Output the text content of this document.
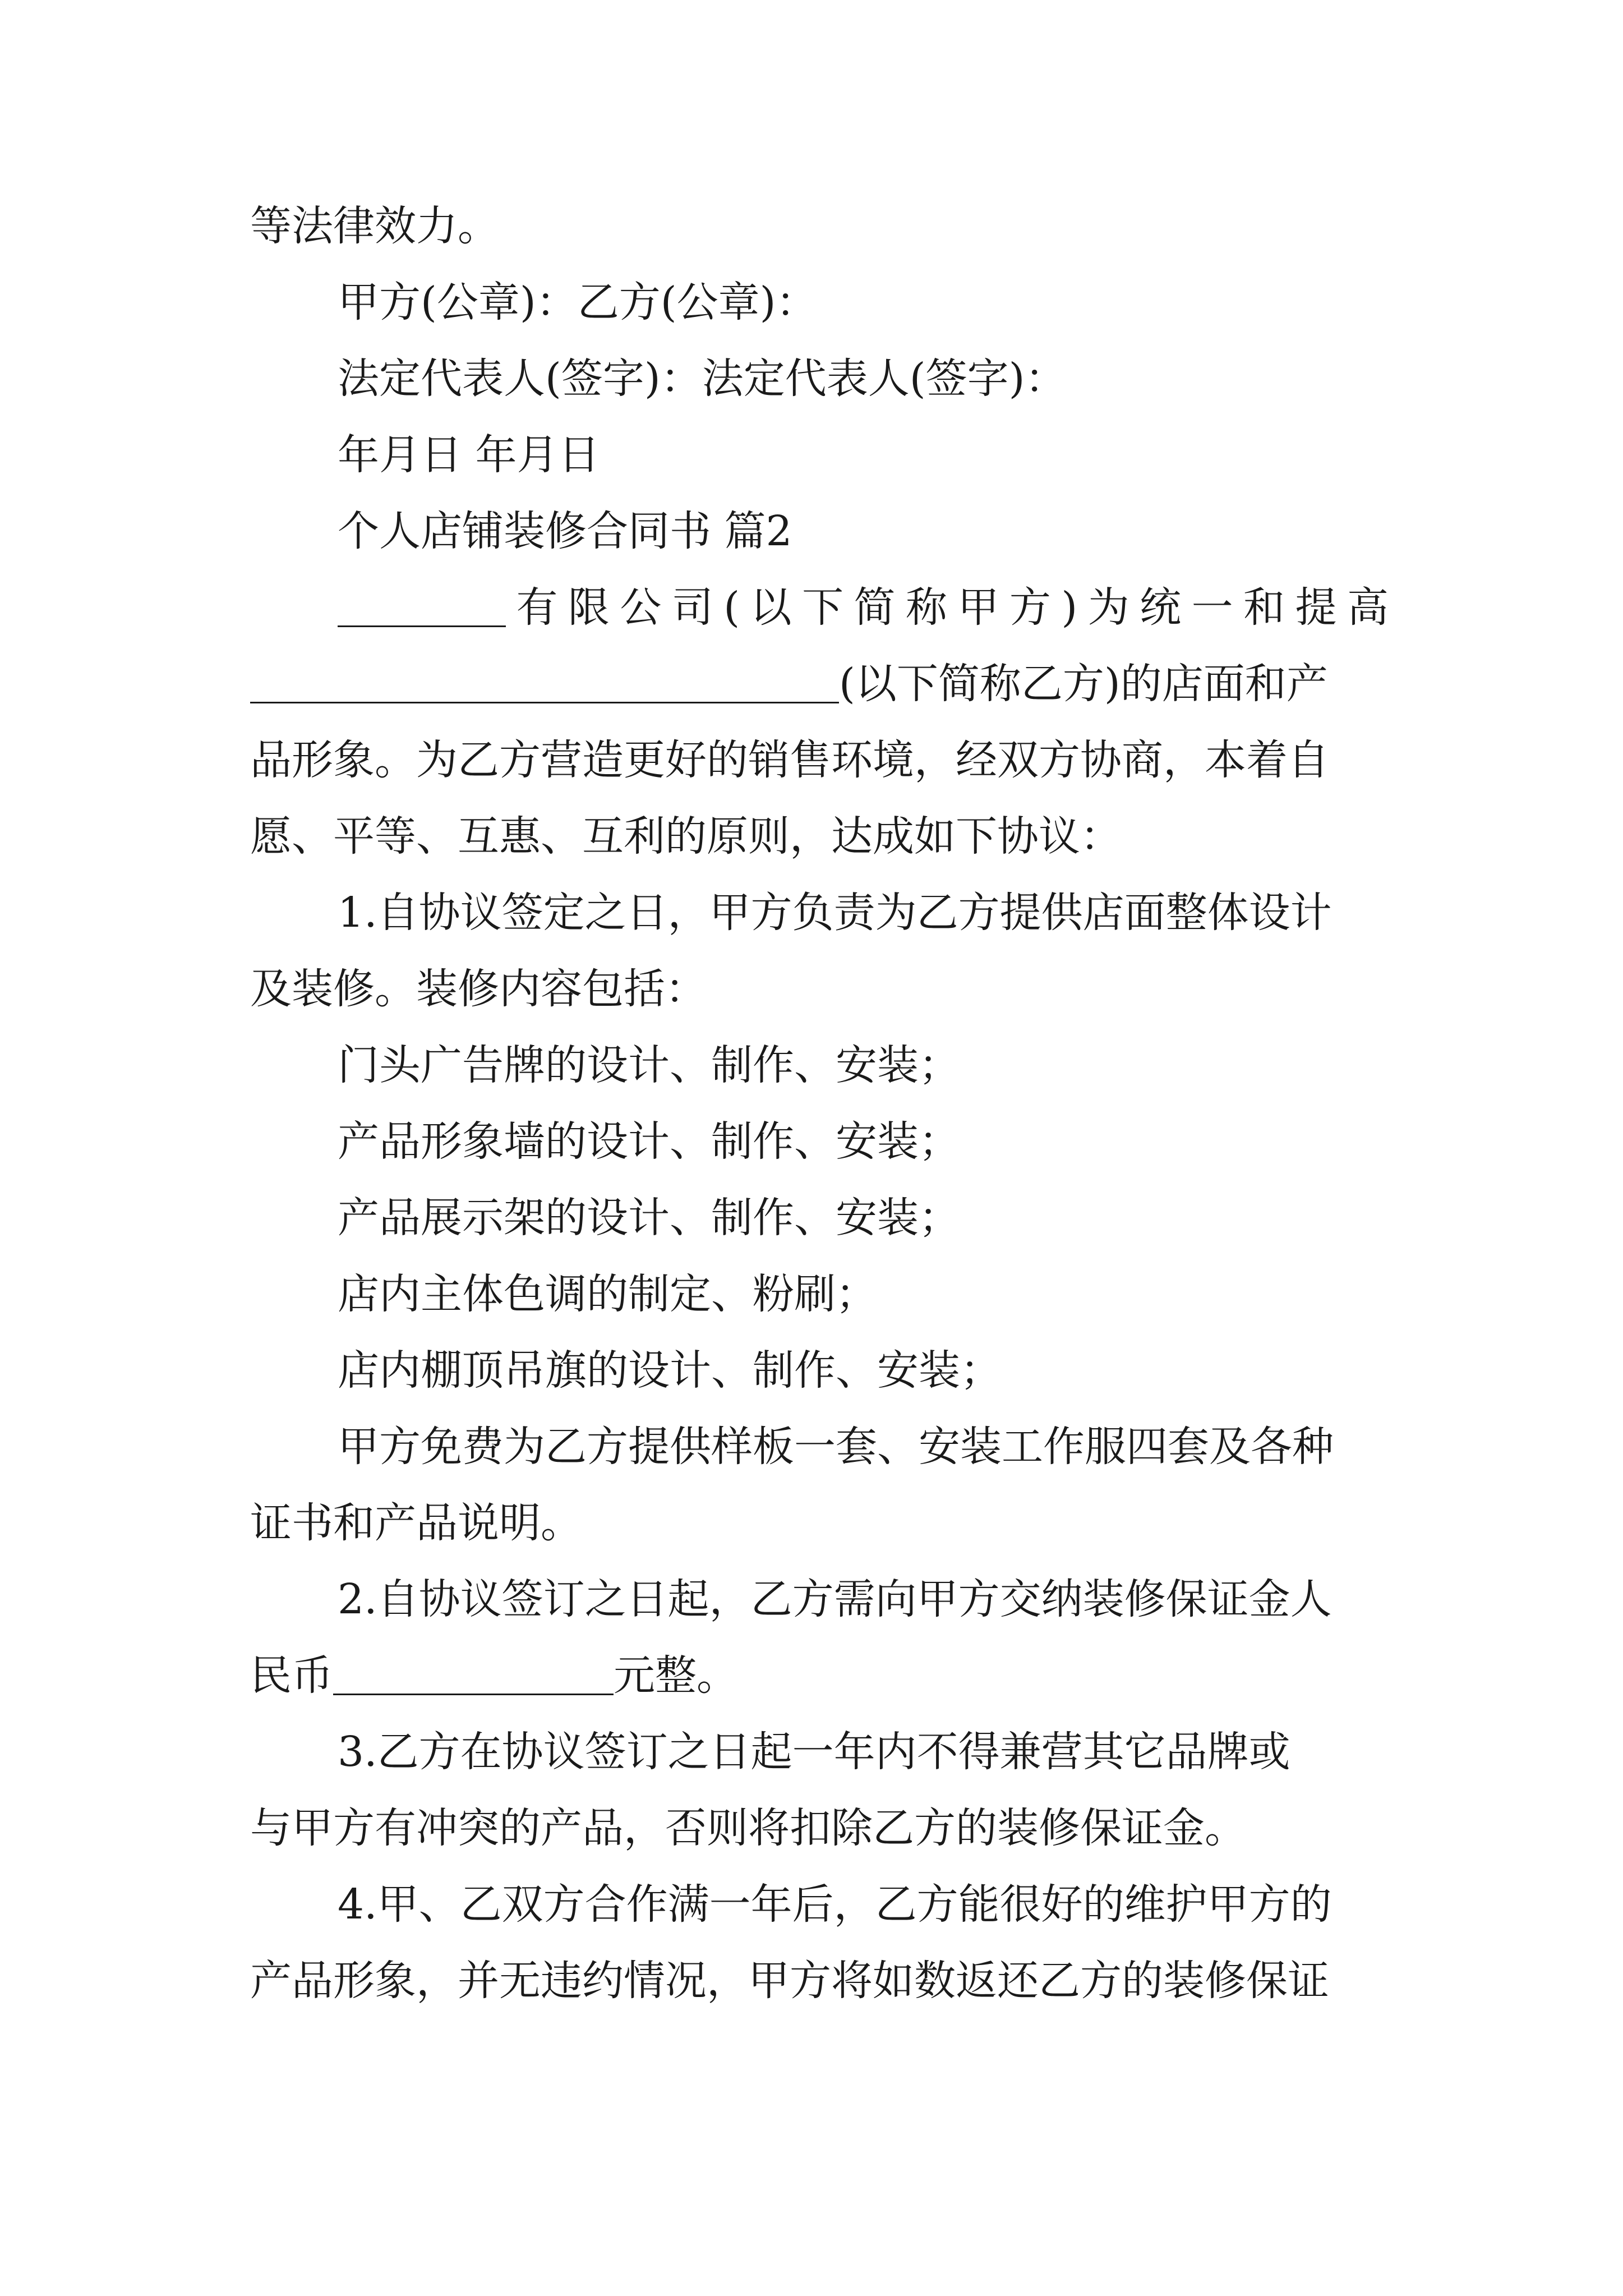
等法律效力。
甲方(公章)：乙方(公章)：
法定代表人(签字)：法定代表人(签字)：
年月日 年月日
个人店铺装修合同书 篇2
有限公司(以下简称甲方)为统一和提高
(以下简称乙方)的店面和产
品形象。为乙方营造更好的销售环境，经双方协商，本着自
愿、平等、互惠、互利的原则，达成如下协议：
1.自协议签定之日，甲方负责为乙方提供店面整体设计
及装修。装修内容包括：
门头广告牌的设计、制作、安装；
产品形象墙的设计、制作、安装；
产品展示架的设计、制作、安装；
店内主体色调的制定、粉刷；
店内棚顶吊旗的设计、制作、安装；
甲方免费为乙方提供样板一套、安装工作服四套及各种
证书和产品说明。
2.自协议签订之日起，乙方需向甲方交纳装修保证金人
民币	元整。
3.乙方在协议签订之日起一年内不得兼营其它品牌或
与甲方有冲突的产品，否则将扣除乙方的装修保证金。
4.甲、乙双方合作满一年后，乙方能很好的维护甲方的
产品形象，并无违约情况，甲方将如数返还乙方的装修保证
